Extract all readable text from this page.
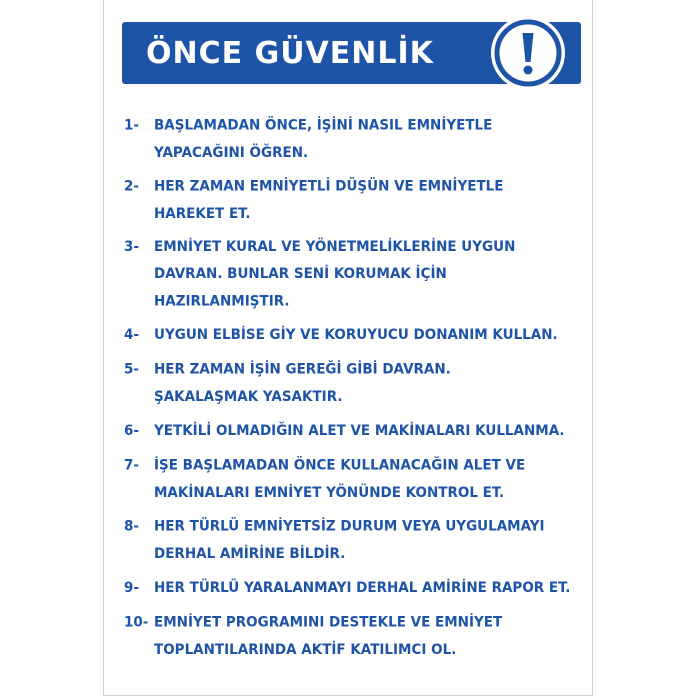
ÖNCE GÜVENLİK
1-	BAŞLAMADAN ÖNCE, İŞİNİ NASIL EMNİYETLE
YAPACAĞINI ÖĞREN.
2-	HER ZAMAN EMNİYETLİ DÜŞÜN VE EMNİYETLE
HAREKET ET.
3-	EMNİYET KURAL VE YÖNETMELİKLERİNE UYGUN
DAVRAN. BUNLAR SENİ KORUMAK İÇİN
HAZIRLANMIŞTIR.
4-	UYGUN ELBİSE GİY VE KORUYUCU DONANIM KULLAN.
5-	HER ZAMAN İŞİN GEREĞİ GİBİ DAVRAN.
ŞAKALAŞMAK YASAKTIR.
6-	YETKİLİ OLMADIĞIN ALET VE MAKİNALARI KULLANMA.
7-	İŞE BAŞLAMADAN ÖNCE KULLANACAĞIN ALET VE
MAKİNALARI EMNİYET YÖNÜNDE KONTROL ET.
8-	HER TÜRLÜ EMNİYETSİZ DURUM VEYA UYGULAMAYI
DERHAL AMİRİNE BİLDİR.
9-	HER TÜRLÜ YARALANMAYI DERHAL AMİRİNE RAPOR ET.
10- EMNİYET PROGRAMINI DESTEKLE VE EMNİYET
TOPLANTILARINDA AKTİF KATILIMCI OL.
